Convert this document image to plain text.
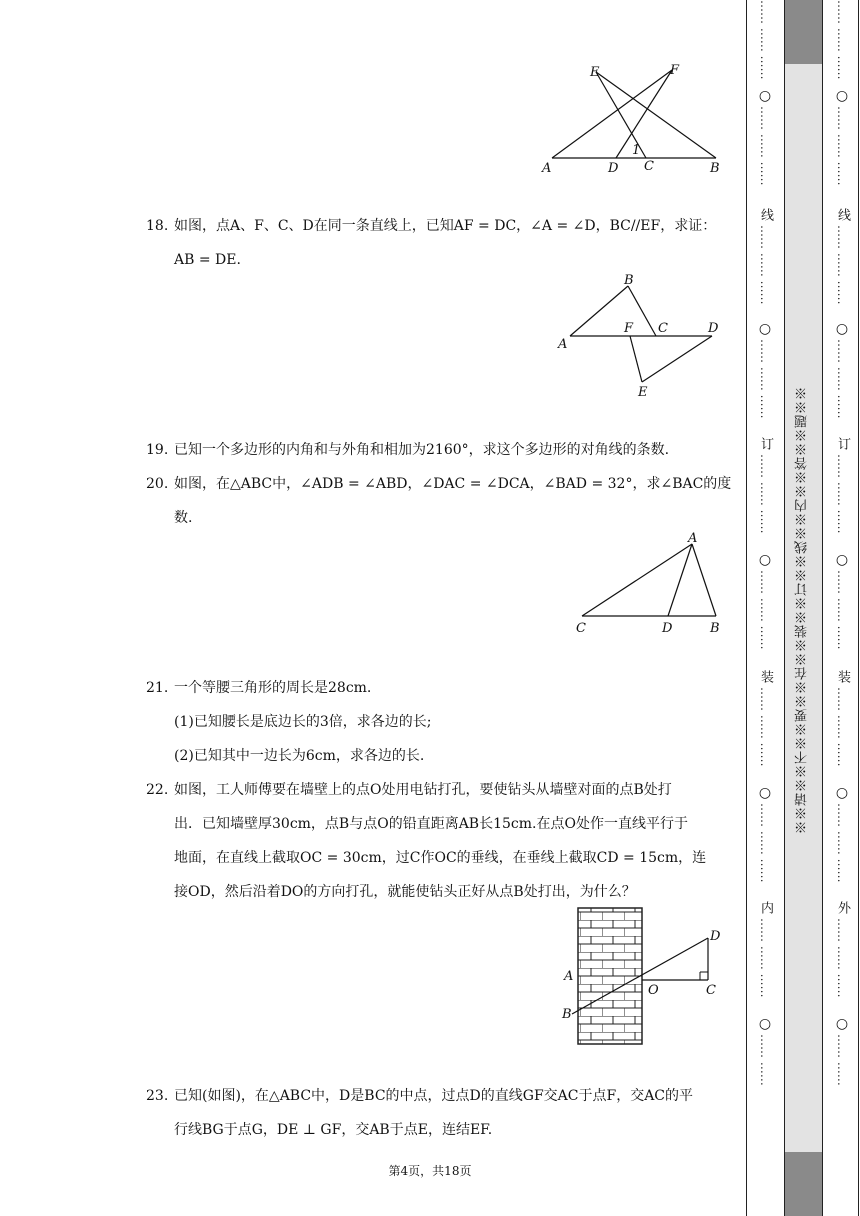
E	F
1
A	D C	B
18. 如图，点A、F、C、D在同一条直线上，已知AF = DC，∠A = ∠D，BC//EF，求证：
AB = DE.
B
F C	D
A
E
19. 已知一个多边形的内角和与外角和相加为2160°，求这个多边形的对角线的条数.
20. 如图，在△ABC中，∠ADB = ∠ABD，∠DAC = ∠DCA，∠BAD = 32°，求∠BAC的度
数.
A
C	D	B
21. 一个等腰三角形的周长是28cm.
(1)已知腰长是底边长的3倍，求各边的长;
(2)已知其中一边长为6cm，求各边的长.
22. 如图，工人师傅要在墙壁上的点O处用电钻打孔，要使钻头从墙壁对面的点B处打
出．已知墙壁厚30cm，点B与点O的铅直距离AB长15cm.在点O处作一直线平行于
地面，在直线上截取OC = 30cm，过C作OC的垂线，在垂线上截取CD = 15cm，连
接OD，然后沿着DO的方向打孔，就能使钻头正好从点B处打出，为什么？
D
A
O	C
B
23. 已知(如图)，在△ABC中，D是BC的中点，过点D的直线GF交AC于点F，交AC的平
行线BG于点G，DE ⊥ GF，交AB于点E，连结EF.
第4页，共18页
※※请※※不※※要※※在※※装※※订※※线※※内※※答※※题※※
…… …… ……
○
…… …… ……
线
…… …… ……
○
…… …… ……
订
…… …… ……
○
…… …… ……
装
…… …… ……
○
…… …… ……
内
…… …… ……
○
…… ……
…… …… ……
○
…… …… ……
线
…… …… ……
○
…… …… ……
订
…… …… ……
○
…… …… ……
装
…… …… ……
○
…… …… ……
外
…… …… ……
○
…… ……
